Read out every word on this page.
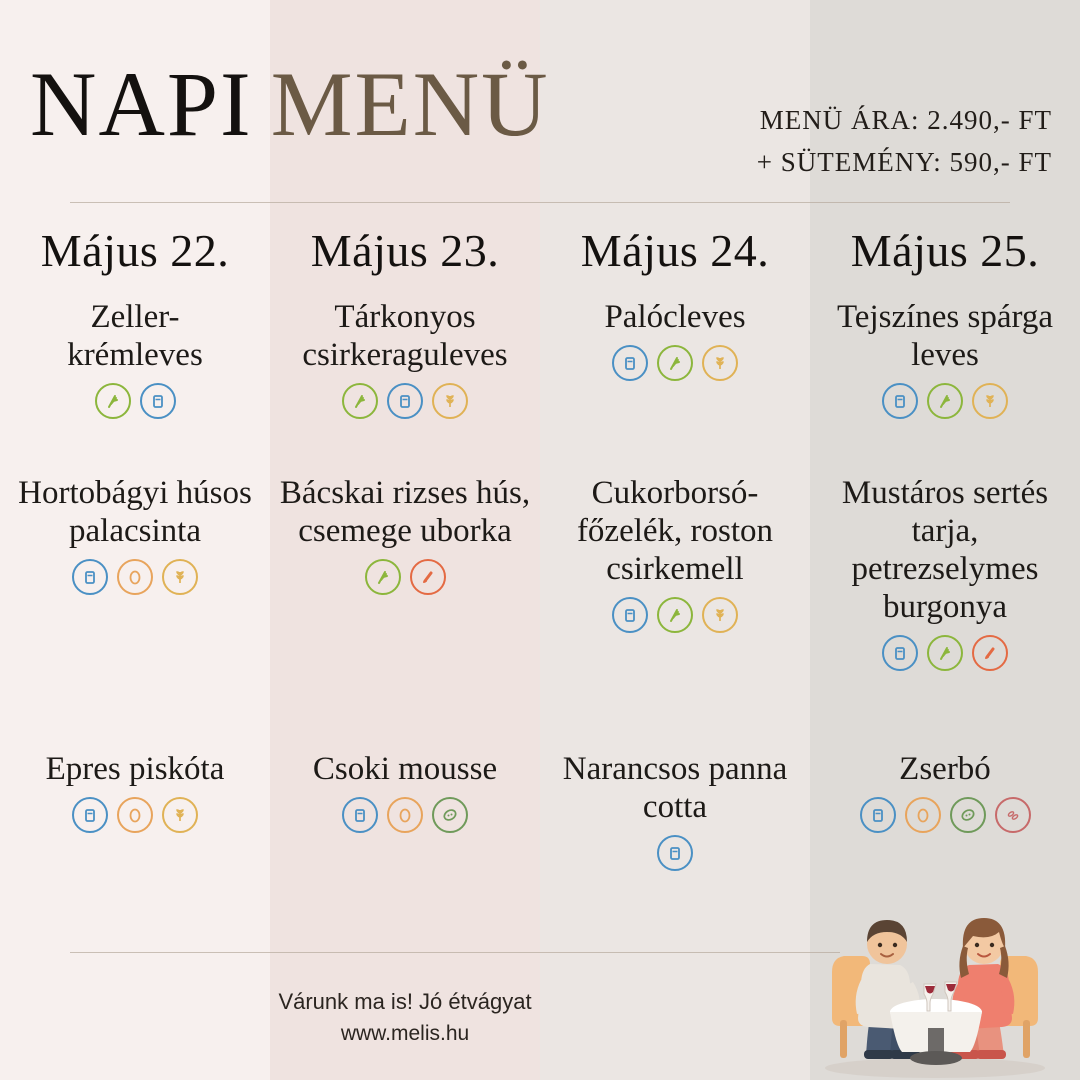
NAPI MENÜ	MENÜ ÁRA: 2.490,- FT
+ SÜTEMÉNY: 590,- FT
Május 22.
Zeller-
krémleves
Hortobágyi húsos palacsinta
Epres piskóta
Május 23.
Tárkonyos csirkeraguleves
Bácskai rizses hús, csemege uborka
Csoki mousse
Május 24.
Palócleves
Cukorborsó-főzelék, roston csirkemell
Narancsos panna cotta
Május 25.
Tejszínes spárga leves
Mustáros sertés tarja, petrezselymes burgonya
Zserbó
Várunk ma is! Jó étvágyat
www.melis.hu
